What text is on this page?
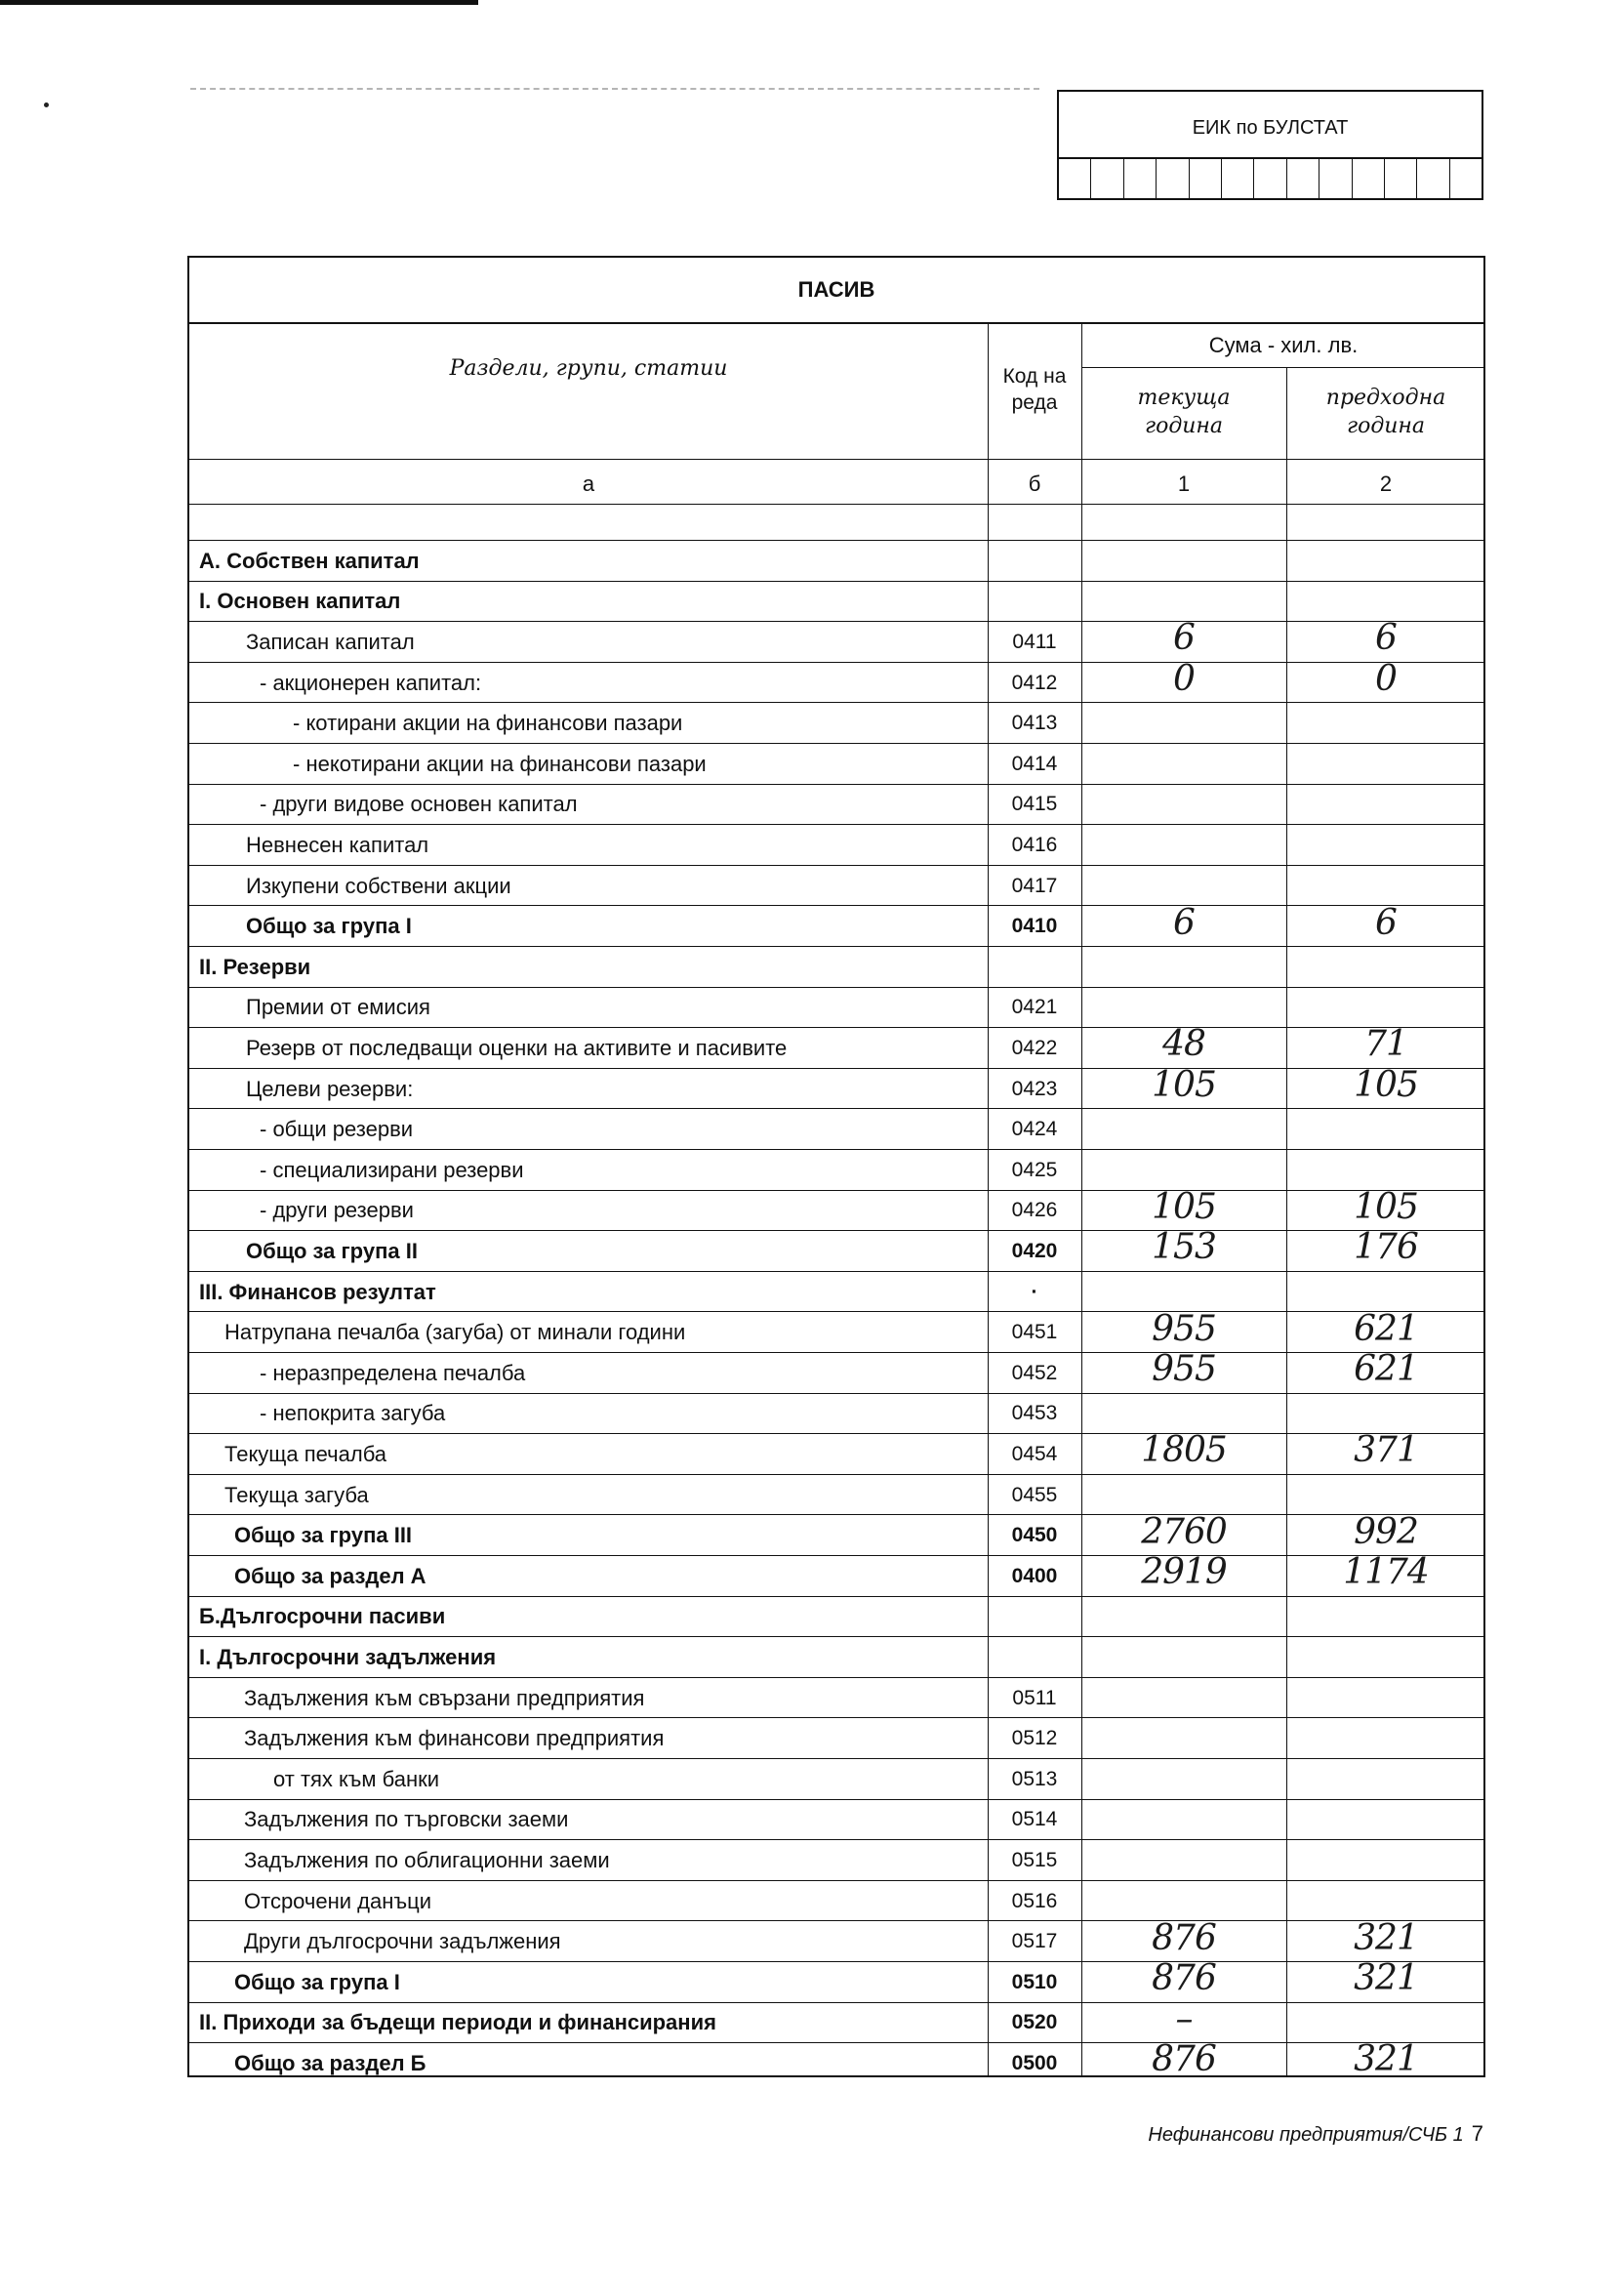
ЕИК по БУЛСТАТ
ПАСИВ
Раздели, групи, статии	Код на реда
Сума - хил. лв.
текуща година
предходна година
а	б	1	2
А. Собствен капитал
I. Основен капитал
Записан капитал	0411	6	6
- акционерен капитал:	0412	0	0
- котирани акции на финансови пазари	0413
- некотирани акции на финансови пазари	0414
- други видове основен капитал	0415
Невнесен капитал	0416
Изкупени собствени акции	0417
Общо за група I	0410	6	6
II. Резерви
Премии от емисия	0421
Резерв от последващи оценки на активите и пасивите	0422	48	71
Целеви резерви:	0423	105	105
- общи резерви	0424
- специализирани резерви	0425
- други резерви	0426	105	105
Общо за група II	0420	153	176
III. Финансов резултат	·
Натрупана печалба (загуба) от минали години	0451	955	621
- неразпределена печалба	0452	955	621
- непокрита загуба	0453
Текуща печалба	0454	1805	371
Текуща загуба	0455
Общо за група III	0450	2760	992
Общо за раздел А	0400	2919	1174
Б.Дългосрочни пасиви
I. Дългосрочни задължения
Задължения към свързани предприятия	0511
Задължения към финансови предприятия	0512
от тях към банки	0513
Задължения по търговски заеми	0514
Задължения по облигационни заеми	0515
Отсрочени данъци	0516
Други дългосрочни задължения	0517	876	321
Общо за група I	0510	876	321
II. Приходи за бъдещи периоди и финансирания	0520	–
Общо за раздел Б	0500	876	321
Нефинансови предприятия/СЧБ 1 7
